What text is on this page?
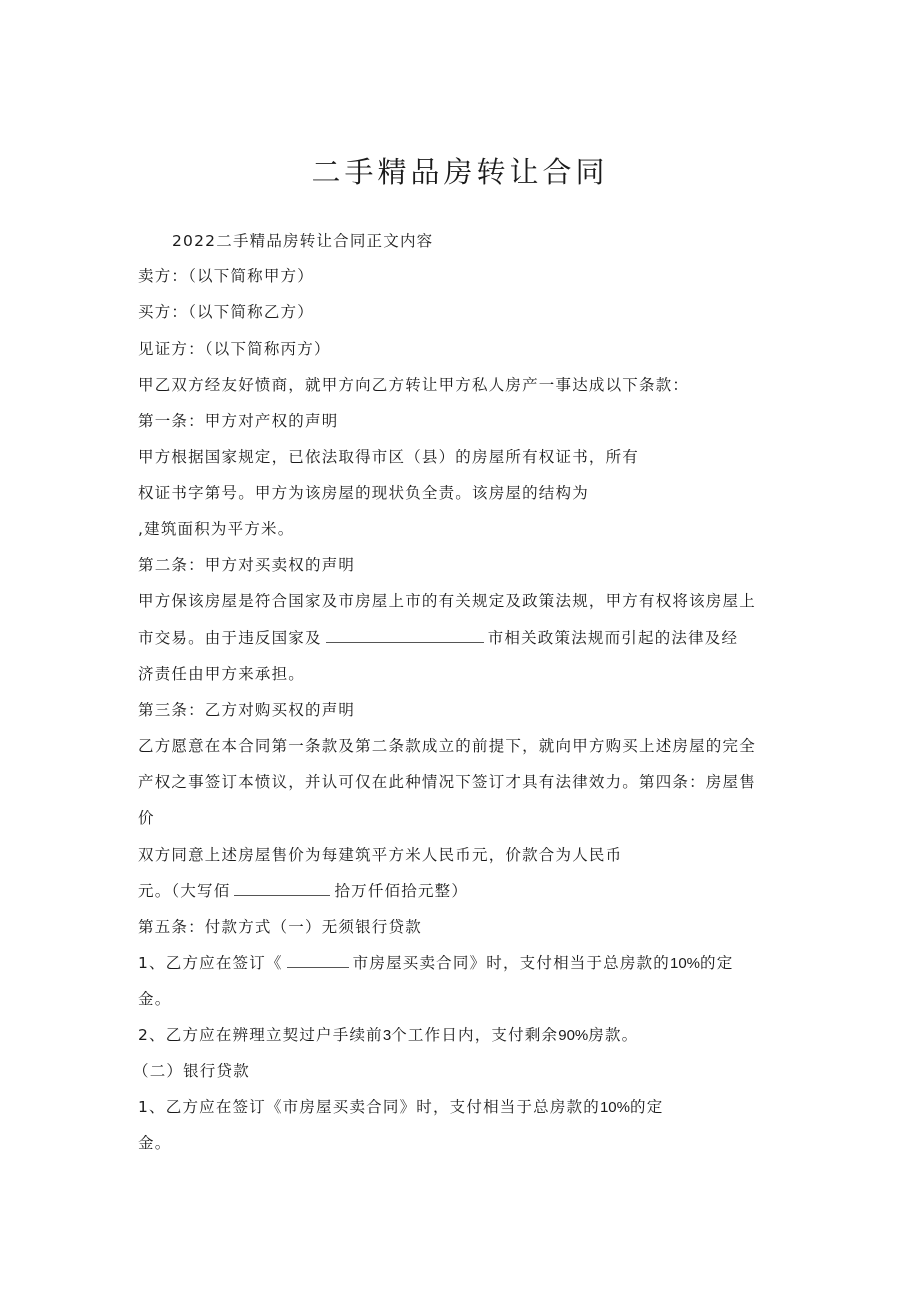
二手精品房转让合同

2022二手精品房转让合同正文内容

卖方：（以下简称甲方）

买方：（以下简称乙方）

见证方：（以下简称丙方）

甲乙双方经友好愤商，就甲方向乙方转让甲方私人房产一事达成以下条款：

第一条：甲方对产权的声明

甲方根据国家规定，已依法取得市区（县）的房屋所有权证书，所有

权证书字第号。甲方为该房屋的现状负全责。该房屋的结构为

,建筑面积为平方米。

第二条：甲方对买卖权的声明

甲方保该房屋是符合国家及市房屋上市的有关规定及政策法规，甲方有权将该房屋上

市交易。由于违反国家及	市相关政策法规而引起的法律及经

济责任由甲方来承担。

第三条：乙方对购买权的声明

乙方愿意在本合同第一条款及第二条款成立的前提下，就向甲方购买上述房屋的完全

产权之事签订本愤议，并认可仅在此种情况下签订才具有法律效力。第四条：房屋售

价

双方同意上述房屋售价为每建筑平方米人民币元，价款合为人民币

元。（大写佰	拾万仟佰拾元整）

第五条：付款方式（一）无须银行贷款

1、乙方应在签订《	市房屋买卖合同》时，支付相当于总房款的10%的定

金。

2、乙方应在辨理立契过户手续前3个工作日内，支付剩余90%房款。

（二）银行贷款

1、乙方应在签订《市房屋买卖合同》时，支付相当于总房款的10%的定

金。
